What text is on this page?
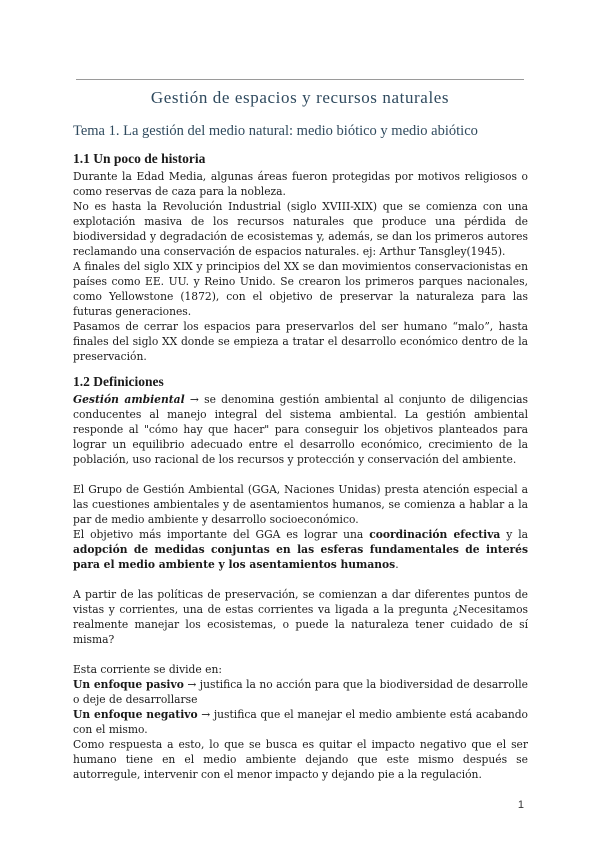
Gestión de espacios y recursos naturales
Tema 1. La gestión del medio natural: medio biótico y medio abiótico
1.1 Un poco de historia

Durante la Edad Media, algunas áreas fueron protegidas por motivos religiosos o como reservas de caza para la nobleza.

No es hasta la Revolución Industrial (siglo XVIII-XIX) que se comienza con una explotación masiva de los recursos naturales que produce una pérdida de biodiversidad y degradación de ecosistemas y, además, se dan los primeros autores reclamando una conservación de espacios naturales. ej: Arthur Tansgley(1945).

A finales del siglo XIX y principios del XX se dan movimientos conservacionistas en países como EE. UU. y Reino Unido. Se crearon los primeros parques nacionales, como Yellowstone (1872), con el objetivo de preservar la naturaleza para las futuras generaciones.

Pasamos de cerrar los espacios para preservarlos del ser humano “malo”, hasta finales del siglo XX donde se empieza a tratar el desarrollo económico dentro de la preservación.

1.2 Definiciones

Gestión ambiental → se denomina gestión ambiental al conjunto de diligencias conducentes al manejo integral del sistema ambiental. La gestión ambiental responde al "cómo hay que hacer" para conseguir los objetivos planteados para lograr un equilibrio adecuado entre el desarrollo económico, crecimiento de la población, uso racional de los recursos y protección y conservación del ambiente.

El Grupo de Gestión Ambiental (GGA, Naciones Unidas) presta atención especial a las cuestiones ambientales y de asentamientos humanos, se comienza a hablar a la par de medio ambiente y desarrollo socioeconómico.

El objetivo más importante del GGA es lograr una coordinación efectiva y la adopción de medidas conjuntas en las esferas fundamentales de interés para el medio ambiente y los asentamientos humanos.

A partir de las políticas de preservación, se comienzan a dar diferentes puntos de vistas y corrientes, una de estas corrientes va ligada a la pregunta ¿Necesitamos realmente manejar los ecosistemas, o puede la naturaleza tener cuidado de sí misma?

Esta corriente se divide en:

Un enfoque pasivo → justifica la no acción para que la biodiversidad de desarrolle o deje de desarrollarse

Un enfoque negativo → justifica que el manejar el medio ambiente está acabando con el mismo.

Como respuesta a esto, lo que se busca es quitar el impacto negativo que el ser humano tiene en el medio ambiente dejando que este mismo después se autorregule, intervenir con el menor impacto y dejando pie a la regulación.

1
